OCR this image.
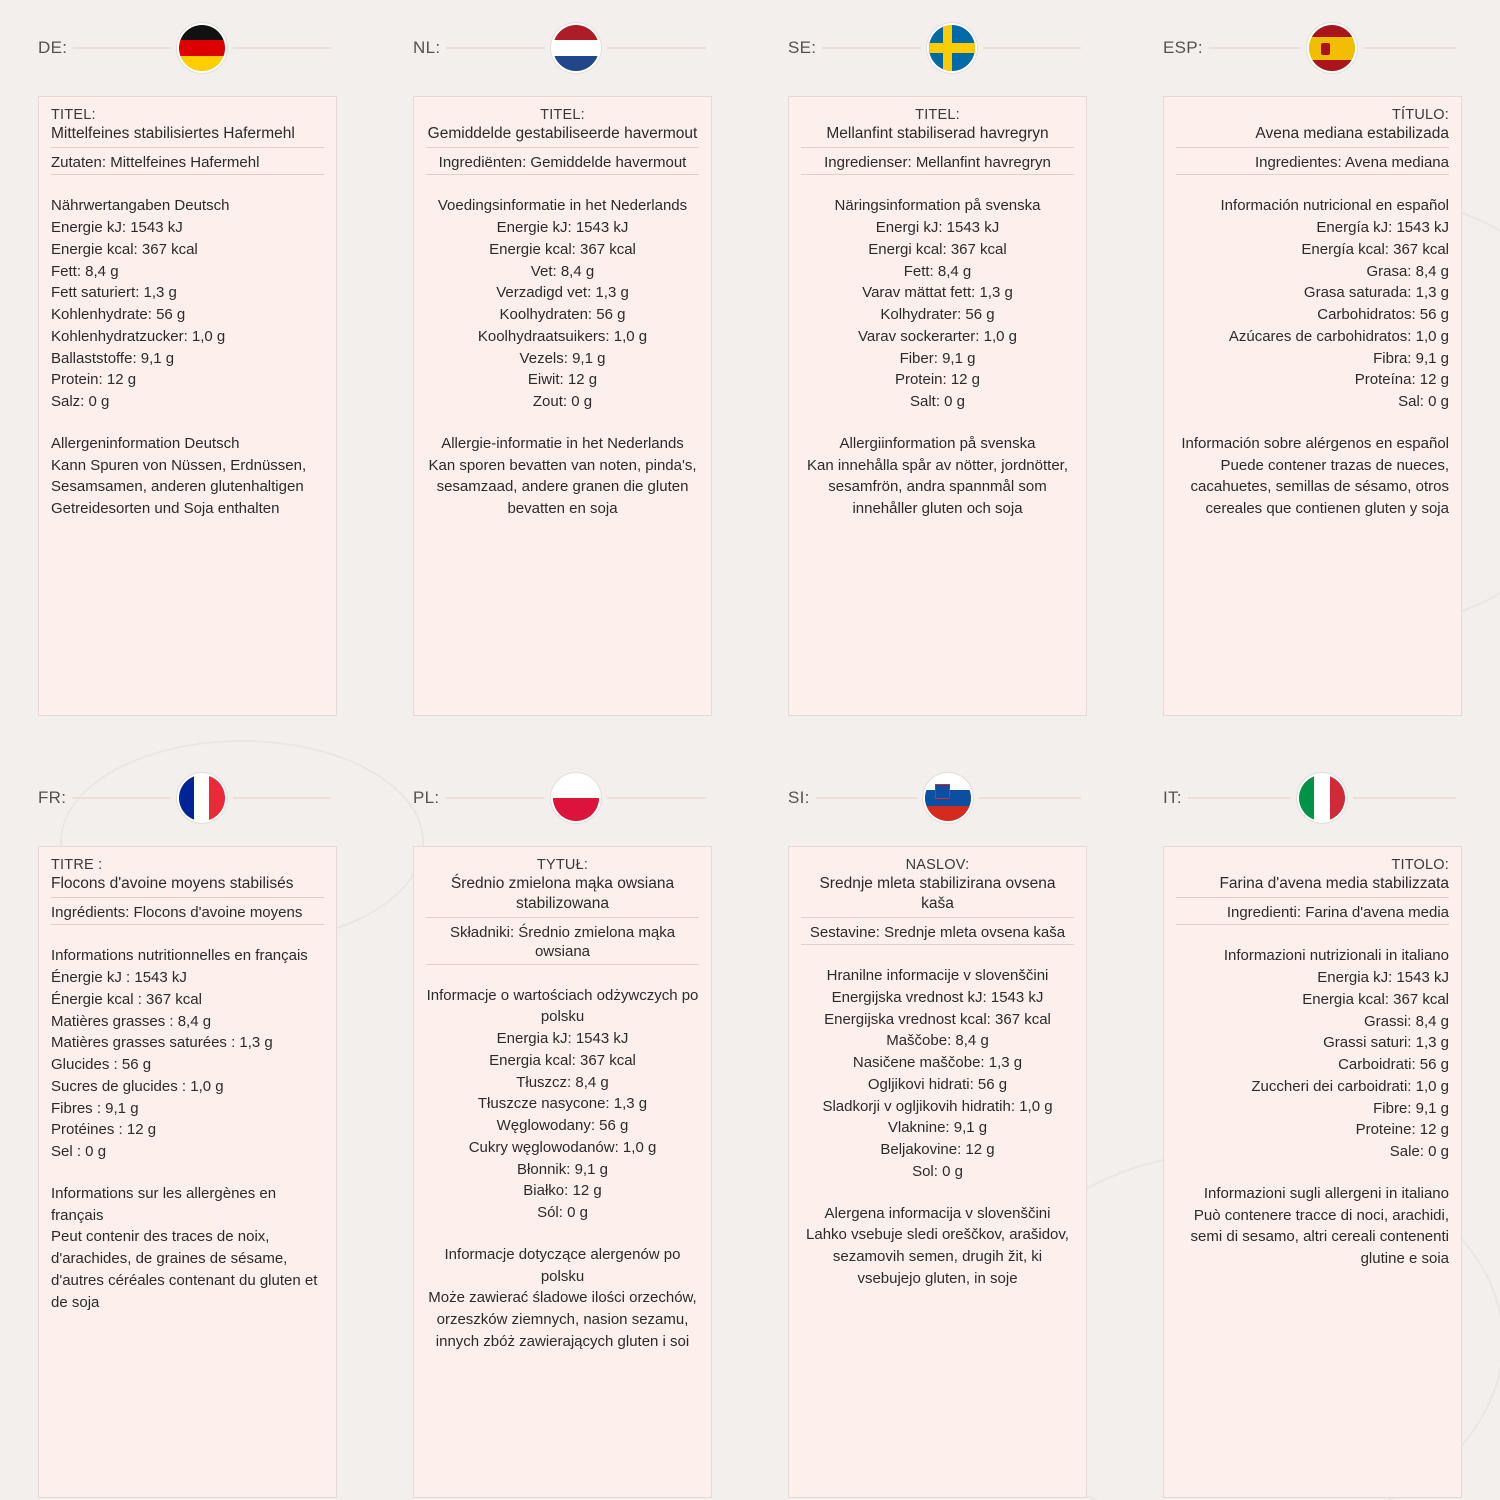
DE:
TITEL:
Mittelfeines stabilisiertes Hafermehl
Zutaten: Mittelfeines Hafermehl
Nährwertangaben Deutsch
Energie kJ: 1543 kJ
Energie kcal: 367 kcal
Fett: 8,4 g
Fett saturiert: 1,3 g
Kohlenhydrate: 56 g
Kohlenhydratzucker: 1,0 g
Ballaststoffe: 9,1 g
Protein: 12 g
Salz: 0 g
Allergeninformation Deutsch
Kann Spuren von Nüssen, Erdnüssen, Sesamsamen, anderen glutenhaltigen Getreidesorten und Soja enthalten
NL:
TITEL:
Gemiddelde gestabiliseerde havermout
Ingrediënten: Gemiddelde havermout
Voedingsinformatie in het Nederlands
Energie kJ: 1543 kJ
Energie kcal: 367 kcal
Vet: 8,4 g
Verzadigd vet: 1,3 g
Koolhydraten: 56 g
Koolhydraatsuikers: 1,0 g
Vezels: 9,1 g
Eiwit: 12 g
Zout: 0 g
Allergie-informatie in het Nederlands
Kan sporen bevatten van noten, pinda's, sesamzaad, andere granen die gluten bevatten en soja
SE:
TITEL:
Mellanfint stabiliserad havregryn
Ingredienser: Mellanfint havregryn
Näringsinformation på svenska
Energi kJ: 1543 kJ
Energi kcal: 367 kcal
Fett: 8,4 g
Varav mättat fett: 1,3 g
Kolhydrater: 56 g
Varav sockerarter: 1,0 g
Fiber: 9,1 g
Protein: 12 g
Salt: 0 g
Allergiinformation på svenska
Kan innehålla spår av nötter, jordnötter, sesamfrön, andra spannmål som innehåller gluten och soja
ESP:
TÍTULO:
Avena mediana estabilizada
Ingredientes: Avena mediana
Información nutricional en español
Energía kJ: 1543 kJ
Energía kcal: 367 kcal
Grasa: 8,4 g
Grasa saturada: 1,3 g
Carbohidratos: 56 g
Azúcares de carbohidratos: 1,0 g
Fibra: 9,1 g
Proteína: 12 g
Sal: 0 g
Información sobre alérgenos en español
Puede contener trazas de nueces, cacahuetes, semillas de sésamo, otros cereales que contienen gluten y soja
FR:
TITRE :
Flocons d'avoine moyens stabilisés
Ingrédients: Flocons d'avoine moyens
Informations nutritionnelles en français
Énergie kJ : 1543 kJ
Énergie kcal : 367 kcal
Matières grasses : 8,4 g
Matières grasses saturées : 1,3 g
Glucides : 56 g
Sucres de glucides : 1,0 g
Fibres : 9,1 g
Protéines : 12 g
Sel : 0 g
Informations sur les allergènes en français
Peut contenir des traces de noix, d'arachides, de graines de sésame, d'autres céréales contenant du gluten et de soja
PL:
TYTUŁ:
Średnio zmielona mąka owsiana stabilizowana
Składniki: Średnio zmielona mąka owsiana
Informacje o wartościach odżywczych po polsku
Energia kJ: 1543 kJ
Energia kcal: 367 kcal
Tłuszcz: 8,4 g
Tłuszcze nasycone: 1,3 g
Węglowodany: 56 g
Cukry węglowodanów: 1,0 g
Błonnik: 9,1 g
Białko: 12 g
Sól: 0 g
Informacje dotyczące alergenów po polsku
Może zawierać śladowe ilości orzechów, orzeszków ziemnych, nasion sezamu, innych zbóż zawierających gluten i soi
SI:
NASLOV:
Srednje mleta stabilizirana ovsena kaša
Sestavine: Srednje mleta ovsena kaša
Hranilne informacije v slovenščini
Energijska vrednost kJ: 1543 kJ
Energijska vrednost kcal: 367 kcal
Maščobe: 8,4 g
Nasičene maščobe: 1,3 g
Ogljikovi hidrati: 56 g
Sladkorji v ogljikovih hidratih: 1,0 g
Vlaknine: 9,1 g
Beljakovine: 12 g
Sol: 0 g
Alergena informacija v slovenščini
Lahko vsebuje sledi oreščkov, arašidov, sezamovih semen, drugih žit, ki vsebujejo gluten, in soje
IT:
TITOLO:
Farina d'avena media stabilizzata
Ingredienti: Farina d'avena media
Informazioni nutrizionali in italiano
Energia kJ: 1543 kJ
Energia kcal: 367 kcal
Grassi: 8,4 g
Grassi saturi: 1,3 g
Carboidrati: 56 g
Zuccheri dei carboidrati: 1,0 g
Fibre: 9,1 g
Proteine: 12 g
Sale: 0 g
Informazioni sugli allergeni in italiano
Può contenere tracce di noci, arachidi, semi di sesamo, altri cereali contenenti glutine e soia
